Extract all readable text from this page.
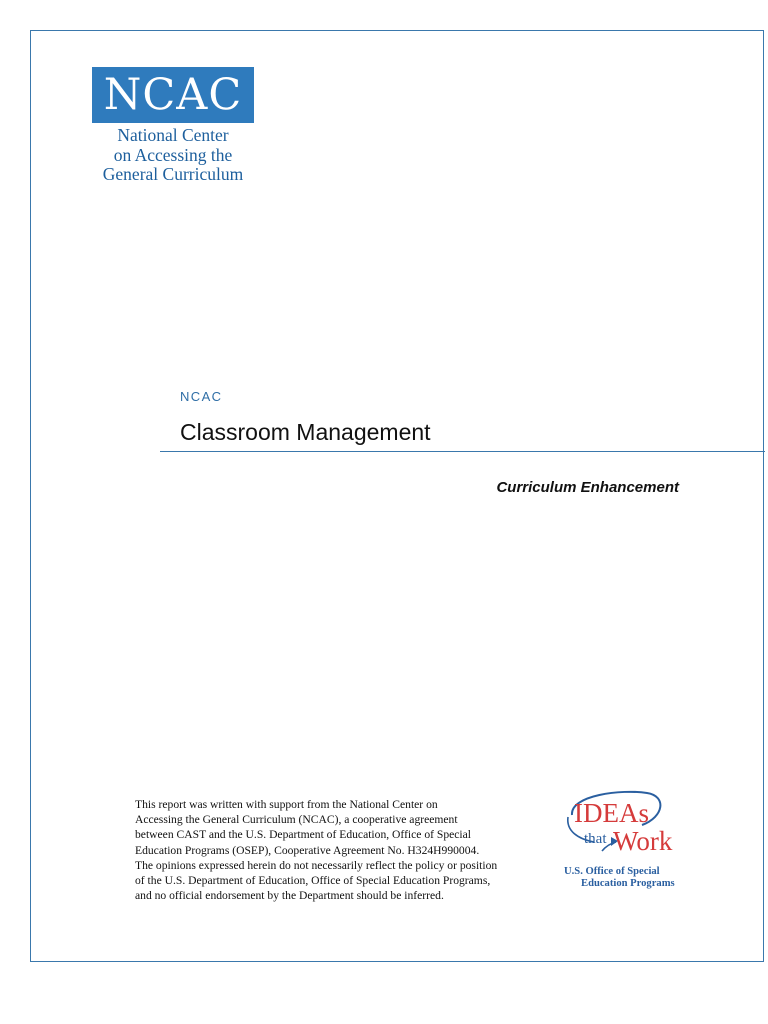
NCAC
National Center
on Accessing the
General Curriculum
NCAC
Classroom Management
Curriculum Enhancement
This report was written with support from the National Center on
Accessing the General Curriculum (NCAC), a cooperative agreement
between CAST and the U.S. Department of Education, Office of Special
Education Programs (OSEP), Cooperative Agreement No. H324H990004.
The opinions expressed herein do not necessarily reflect the policy or position
of the U.S. Department of Education, Office of Special Education Programs,
and no official endorsement by the Department should be inferred.
IDEAs
that Work
U.S. Office of Special
Education Programs
